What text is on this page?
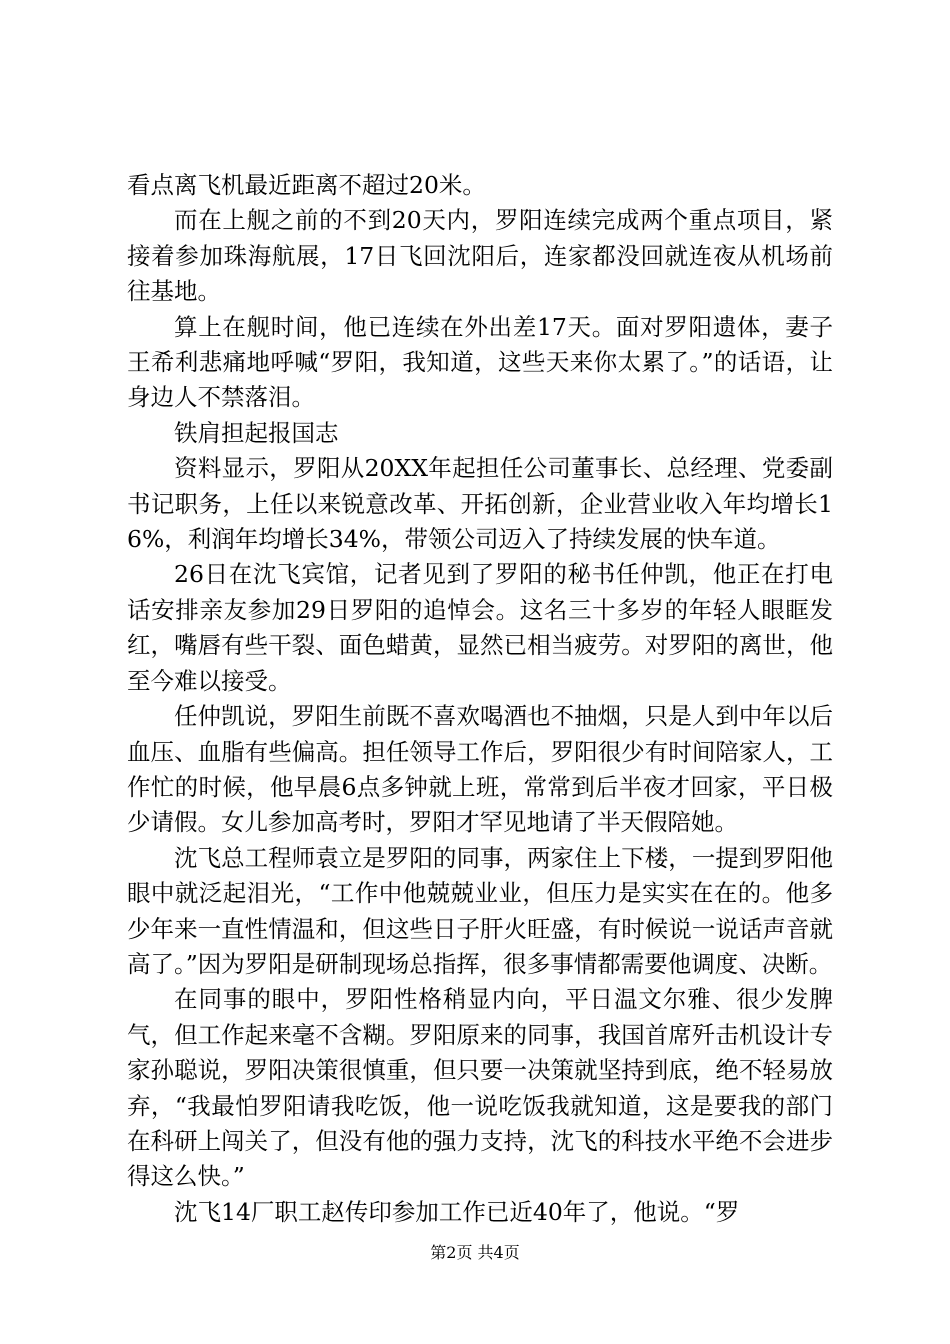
看点离飞机最近距离不超过20米。

而在上舰之前的不到20天内，罗阳连续完成两个重点项目，紧接着参加珠海航展，17日飞回沈阳后，连家都没回就连夜从机场前往基地。

算上在舰时间，他已连续在外出差17天。面对罗阳遗体，妻子王希利悲痛地呼喊“罗阳，我知道，这些天来你太累了。”的话语，让身边人不禁落泪。

铁肩担起报国志

资料显示，罗阳从20XX年起担任公司董事长、总经理、党委副书记职务，上任以来锐意改革、开拓创新，企业营业收入年均增长16%，利润年均增长34%，带领公司迈入了持续发展的快车道。

26日在沈飞宾馆，记者见到了罗阳的秘书任仲凯，他正在打电话安排亲友参加29日罗阳的追悼会。这名三十多岁的年轻人眼眶发红，嘴唇有些干裂、面色蜡黄，显然已相当疲劳。对罗阳的离世，他至今难以接受。

任仲凯说，罗阳生前既不喜欢喝酒也不抽烟，只是人到中年以后血压、血脂有些偏高。担任领导工作后，罗阳很少有时间陪家人，工作忙的时候，他早晨6点多钟就上班，常常到后半夜才回家，平日极少请假。女儿参加高考时，罗阳才罕见地请了半天假陪她。

沈飞总工程师袁立是罗阳的同事，两家住上下楼，一提到罗阳他眼中就泛起泪光，“工作中他兢兢业业，但压力是实实在在的。他多少年来一直性情温和，但这些日子肝火旺盛，有时候说一说话声音就高了。”因为罗阳是研制现场总指挥，很多事情都需要他调度、决断。

在同事的眼中，罗阳性格稍显内向，平日温文尔雅、很少发脾气，但工作起来毫不含糊。罗阳原来的同事，我国首席歼击机设计专家孙聪说，罗阳决策很慎重，但只要一决策就坚持到底，绝不轻易放弃，“我最怕罗阳请我吃饭，他一说吃饭我就知道，这是要我的部门在科研上闯关了，但没有他的强力支持，沈飞的科技水平绝不会进步得这么快。”

沈飞14厂职工赵传印参加工作已近40年了，他说。“罗

第2页 共4页
